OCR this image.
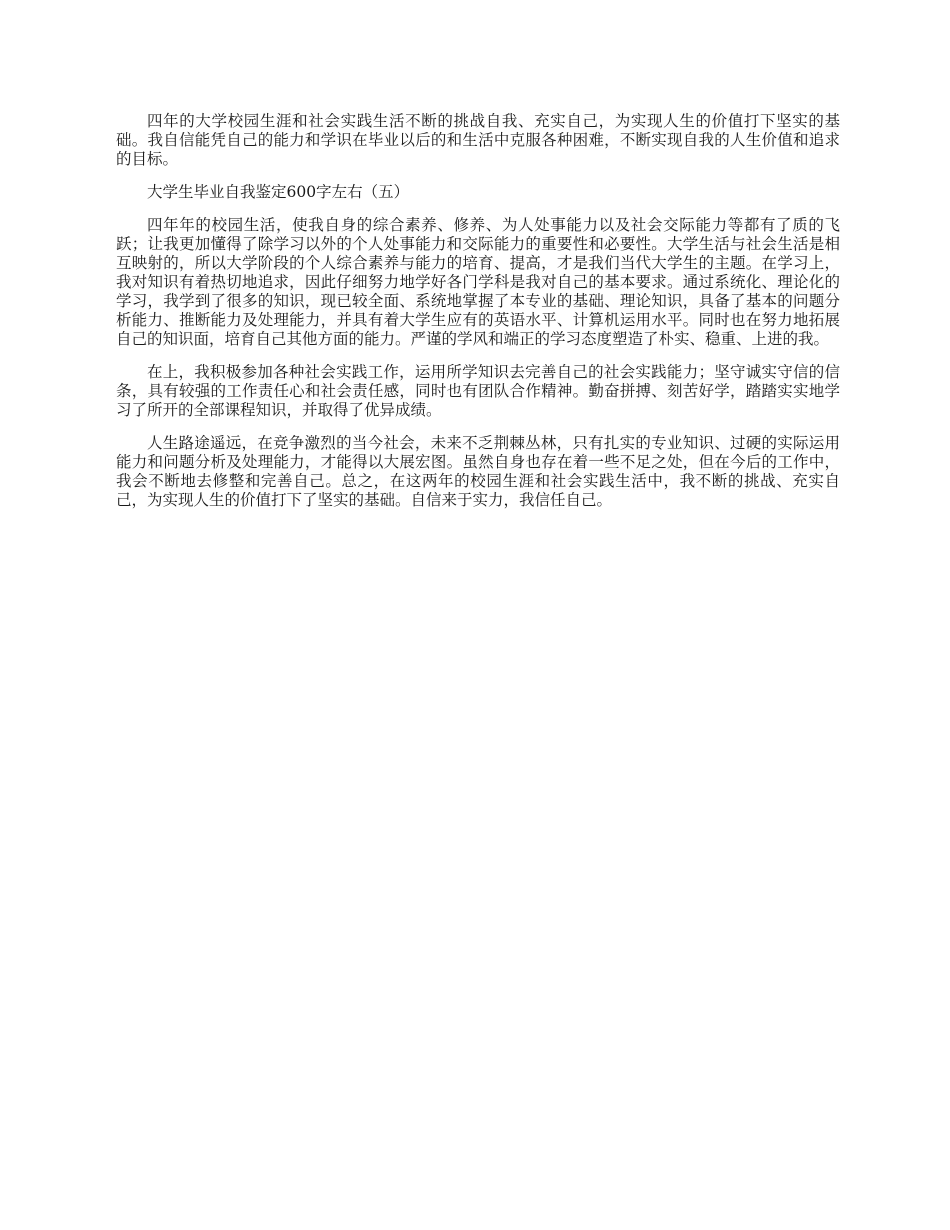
四年的大学校园生涯和社会实践生活不断的挑战自我、充实自己，为实现人生的价值打下坚实的基础。我自信能凭自己的能力和学识在毕业以后的和生活中克服各种困难，不断实现自我的人生价值和追求的目标。

大学生毕业自我鉴定600字左右（五）

四年年的校园生活，使我自身的综合素养、修养、为人处事能力以及社会交际能力等都有了质的飞跃；让我更加懂得了除学习以外的个人处事能力和交际能力的重要性和必要性。大学生活与社会生活是相互映射的，所以大学阶段的个人综合素养与能力的培育、提高，才是我们当代大学生的主题。在学习上，我对知识有着热切地追求，因此仔细努力地学好各门学科是我对自己的基本要求。通过系统化、理论化的学习，我学到了很多的知识，现已较全面、系统地掌握了本专业的基础、理论知识，具备了基本的问题分析能力、推断能力及处理能力，并具有着大学生应有的英语水平、计算机运用水平。同时也在努力地拓展自己的知识面，培育自己其他方面的能力。严谨的学风和端正的学习态度塑造了朴实、稳重、上进的我。

在上，我积极参加各种社会实践工作，运用所学知识去完善自己的社会实践能力；坚守诚实守信的信条，具有较强的工作责任心和社会责任感，同时也有团队合作精神。勤奋拼搏、刻苦好学，踏踏实实地学习了所开的全部课程知识，并取得了优异成绩。

人生路途遥远，在竞争激烈的当今社会，未来不乏荆棘丛林，只有扎实的专业知识、过硬的实际运用能力和问题分析及处理能力，才能得以大展宏图。虽然自身也存在着一些不足之处，但在今后的工作中，我会不断地去修整和完善自己。总之，在这两年的校园生涯和社会实践生活中，我不断的挑战、充实自己，为实现人生的价值打下了坚实的基础。自信来于实力，我信任自己。
